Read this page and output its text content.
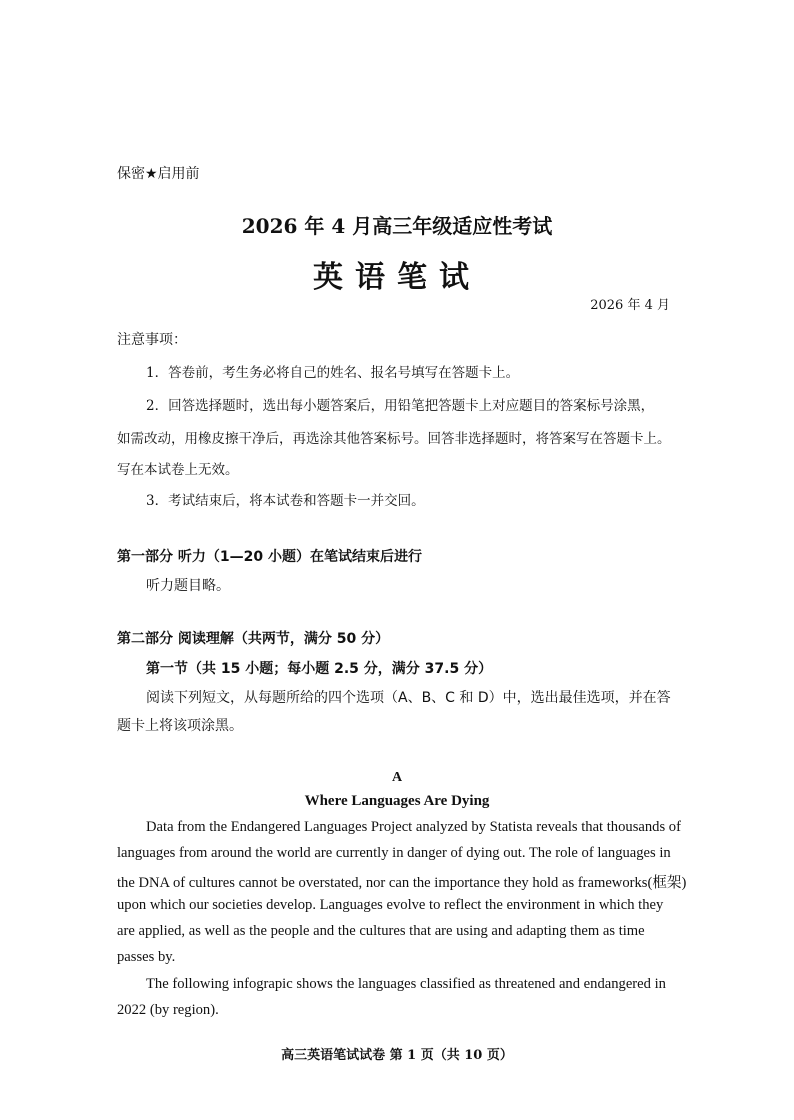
保密★启用前
2026 年 4 月高三年级适应性考试
英语笔试
2026 年 4 月
注意事项：
1．答卷前，考生务必将自己的姓名、报名号填写在答题卡上。
2．回答选择题时，选出每小题答案后，用铅笔把答题卡上对应题目的答案标号涂黑，
如需改动，用橡皮擦干净后，再选涂其他答案标号。回答非选择题时，将答案写在答题卡上。
写在本试卷上无效。
3．考试结束后，将本试卷和答题卡一并交回。
第一部分 听力（1—20 小题）在笔试结束后进行
听力题目略。
第二部分 阅读理解（共两节，满分 50 分）
第一节（共 15 小题；每小题 2.5 分，满分 37.5 分）
阅读下列短文，从每题所给的四个选项（A、B、C 和 D）中，选出最佳选项，并在答
题卡上将该项涂黑。
A
Where Languages Are Dying
Data from the Endangered Languages Project analyzed by Statista reveals that thousands of
languages from around the world are currently in danger of dying out. The role of languages in
the DNA of cultures cannot be overstated, nor can the importance they hold as frameworks(框架)
upon which our societies develop. Languages evolve to reflect the environment in which they
are applied, as well as the people and the cultures that are using and adapting them as time
passes by.
The following infograpic shows the languages classified as threatened and endangered in
2022 (by region).
高三英语笔试试卷 第 1 页（共 10 页）
